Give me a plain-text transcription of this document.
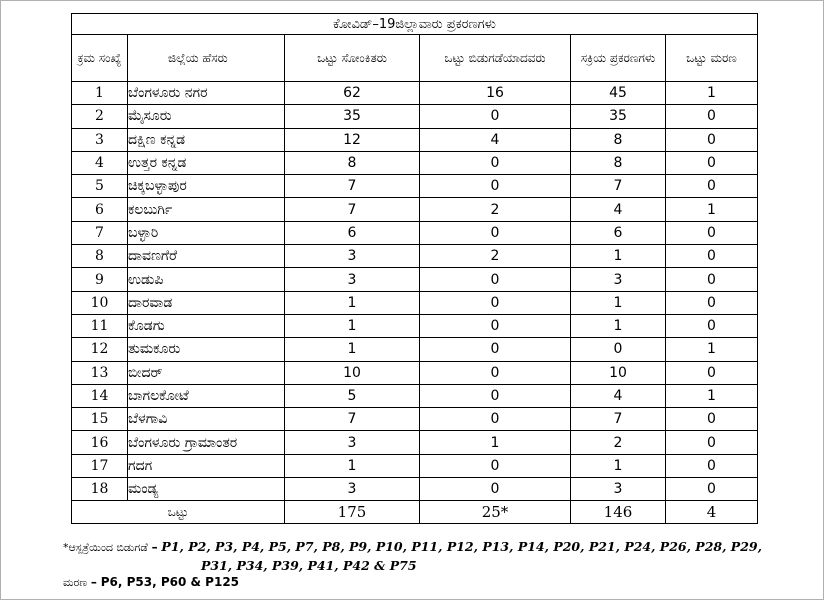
ಕೋವಿಡ್–19ಜಿಲ್ಲಾವಾರು ಪ್ರಕರಣಗಳು					
ಕ್ರಮ ಸಂಖ್ಯೆ	ಜಿಲ್ಲೆಯ ಹೆಸರು	ಒಟ್ಟು ಸೋಂಕಿತರು	ಒಟ್ಟು ಬಿಡುಗಡೆಯಾದವರು	ಸಕ್ರಿಯ ಪ್ರಕರಣಗಳು	ಒಟ್ಟು ಮರಣ
1	ಬೆಂಗಳೂರು ನಗರ	62	16	45	1
2	ಮೈಸೂರು	35	0	35	0
3	ದಕ್ಷಿಣ ಕನ್ನಡ	12	4	8	0
4	ಉತ್ತರ ಕನ್ನಡ	8	0	8	0
5	ಚಿಕ್ಕಬಳ್ಳಾಪುರ	7	0	7	0
6	ಕಲಬುರ್ಗಿ	7	2	4	1
7	ಬಳ್ಳಾರಿ	6	0	6	0
8	ದಾವಣಗೆರೆ	3	2	1	0
9	ಉಡುಪಿ	3	0	3	0
10	ದಾರವಾಡ	1	0	1	0
11	ಕೊಡಗು	1	0	1	0
12	ತುಮಕೂರು	1	0	0	1
13	ಬೀದರ್	10	0	10	0
14	ಬಾಗಲಕೋಟೆ	5	0	4	1
15	ಬೆಳಗಾವಿ	7	0	7	0
16	ಬೆಂಗಳೂರು ಗ್ರಾಮಾಂತರ	3	1	2	0
17	ಗದಗ	1	0	1	0
18	ಮಂಡ್ಯ	3	0	3	0
ಒಟ್ಟು		175	25*	146	4
*ಆಸ್ಪತ್ರೆಯಿಂದ ಬಿಡುಗಡೆ – P1, P2, P3, P4, P5, P7, P8, P9, P10, P11, P12, P13, P14, P20, P21, P24, P26, P28, P29,
P31, P34, P39, P41, P42 & P75
ಮರಣ – P6, P53, P60 & P125
